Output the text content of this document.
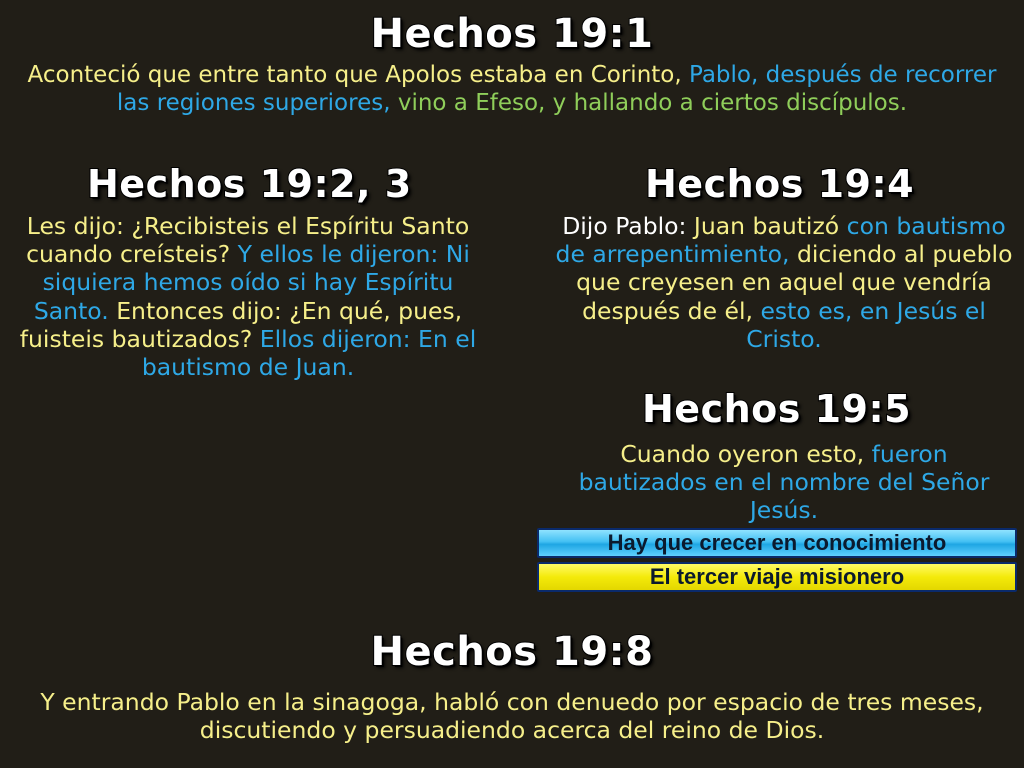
Hechos 19:1

Aconteció que entre tanto que Apolos estaba en Corinto, Pablo, después de recorrer las regiones superiores, vino a Efeso, y hallando a ciertos discípulos.

Hechos 19:2, 3

Les dijo: ¿Recibisteis el Espíritu Santo cuando creísteis? Y ellos le dijeron: Ni siquiera hemos oído si hay Espíritu Santo. Entonces dijo: ¿En qué, pues, fuisteis bautizados? Ellos dijeron: En el bautismo de Juan.

Hechos 19:4

Dijo Pablo: Juan bautizó con bautismo de arrepentimiento, diciendo al pueblo que creyesen en aquel que vendría después de él, esto es, en Jesús el Cristo.

Hechos 19:5

Cuando oyeron esto, fueron bautizados en el nombre del Señor Jesús.

Hay que crecer en conocimiento
El tercer viaje misionero
Hechos 19:8

Y entrando Pablo en la sinagoga, habló con denuedo por espacio de tres meses, discutiendo y persuadiendo acerca del reino de Dios.
